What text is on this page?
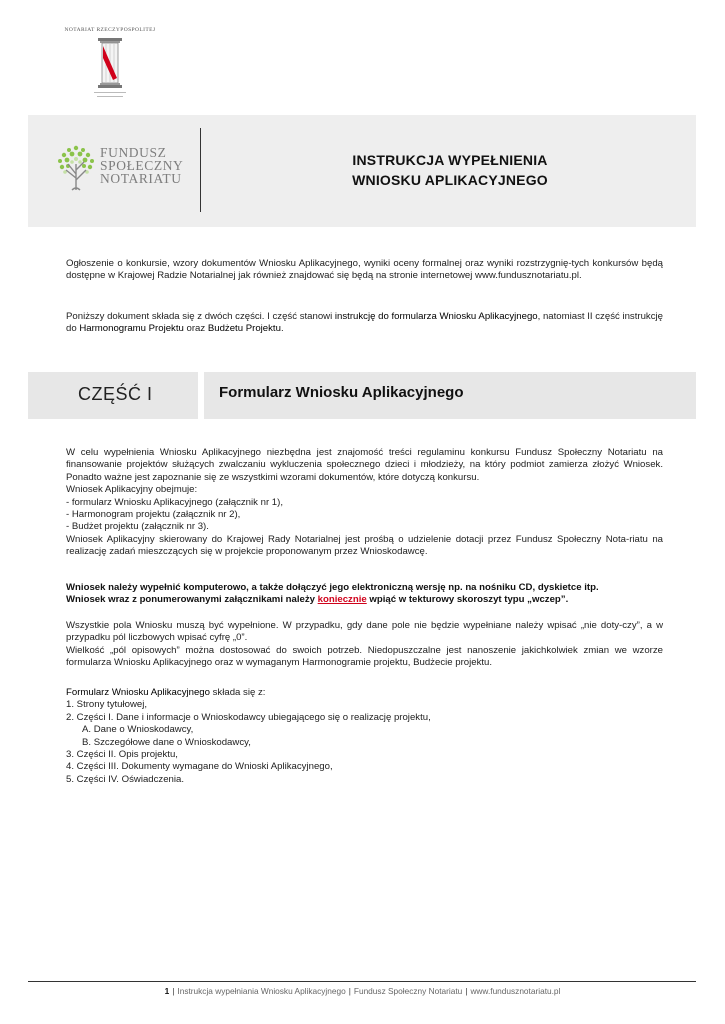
NOTARIAT RZECZYPOSPOLITEJ
FUNDUSZ
SPOŁECZNY
NOTARIATU
INSTRUKCJA WYPEŁNIENIA
WNIOSKU APLIKACYJNEGO
Ogłoszenie o konkursie, wzory dokumentów Wniosku Aplikacyjnego, wyniki oceny formalnej oraz wyniki rozstrzygnię-tych konkursów będą dostępne w Krajowej Radzie Notarialnej jak również znajdować się będą na stronie internetowej www.fundusznotariatu.pl.
Poniższy dokument składa się z dwóch części. I część stanowi instrukcję do formularza Wniosku Aplikacyjnego, natomiast II część instrukcję do Harmonogramu Projektu oraz Budżetu Projektu.
CZĘŚĆ I	Formularz Wniosku Aplikacyjnego
W celu wypełnienia Wniosku Aplikacyjnego niezbędna jest znajomość treści regulaminu konkursu Fundusz Społeczny Notariatu na finansowanie projektów służących zwalczaniu wykluczenia społecznego dzieci i młodzieży, na który podmiot zamierza złożyć Wniosek. Ponadto ważne jest zapoznanie się ze wszystkimi wzorami dokumentów, które dotyczą konkursu.
Wniosek Aplikacyjny obejmuje:
- formularz Wniosku Aplikacyjnego (załącznik nr 1),
- Harmonogram projektu (załącznik nr 2),
- Budżet projektu (załącznik nr 3).
Wniosek Aplikacyjny skierowany do Krajowej Rady Notarialnej jest prośbą o udzielenie dotacji przez Fundusz Społeczny Nota-riatu na realizację zadań mieszczących się w projekcie proponowanym przez Wnioskodawcę.
Wniosek należy wypełnić komputerowo, a także dołączyć jego elektroniczną wersję np. na nośniku CD, dyskietce itp.
Wniosek wraz z ponumerowanymi załącznikami należy koniecznie wpiąć w tekturowy skoroszyt typu „wczep”.
Wszystkie pola Wniosku muszą być wypełnione. W przypadku, gdy dane pole nie będzie wypełniane należy wpisać „nie doty-czy”, a w przypadku pól liczbowych wpisać cyfrę „0”.
Wielkość „pól opisowych” można dostosować do swoich potrzeb. Niedopuszczalne jest nanoszenie jakichkolwiek zmian we wzorze formularza Wniosku Aplikacyjnego oraz w wymaganym Harmonogramie projektu, Budżecie projektu.
Formularz Wniosku Aplikacyjnego składa się z:
1. Strony tytułowej,
2. Części I. Dane i informacje o Wnioskodawcy ubiegającego się o realizację projektu,
A. Dane o Wnioskodawcy,
B. Szczegółowe dane o Wnioskodawcy,
3. Części II. Opis projektu,
4. Części III. Dokumenty wymagane do Wnioski Aplikacyjnego,
5. Części IV. Oświadczenia.
1 | Instrukcja wypełniania Wniosku Aplikacyjnego | Fundusz Społeczny Notariatu | www.fundusznotariatu.pl
